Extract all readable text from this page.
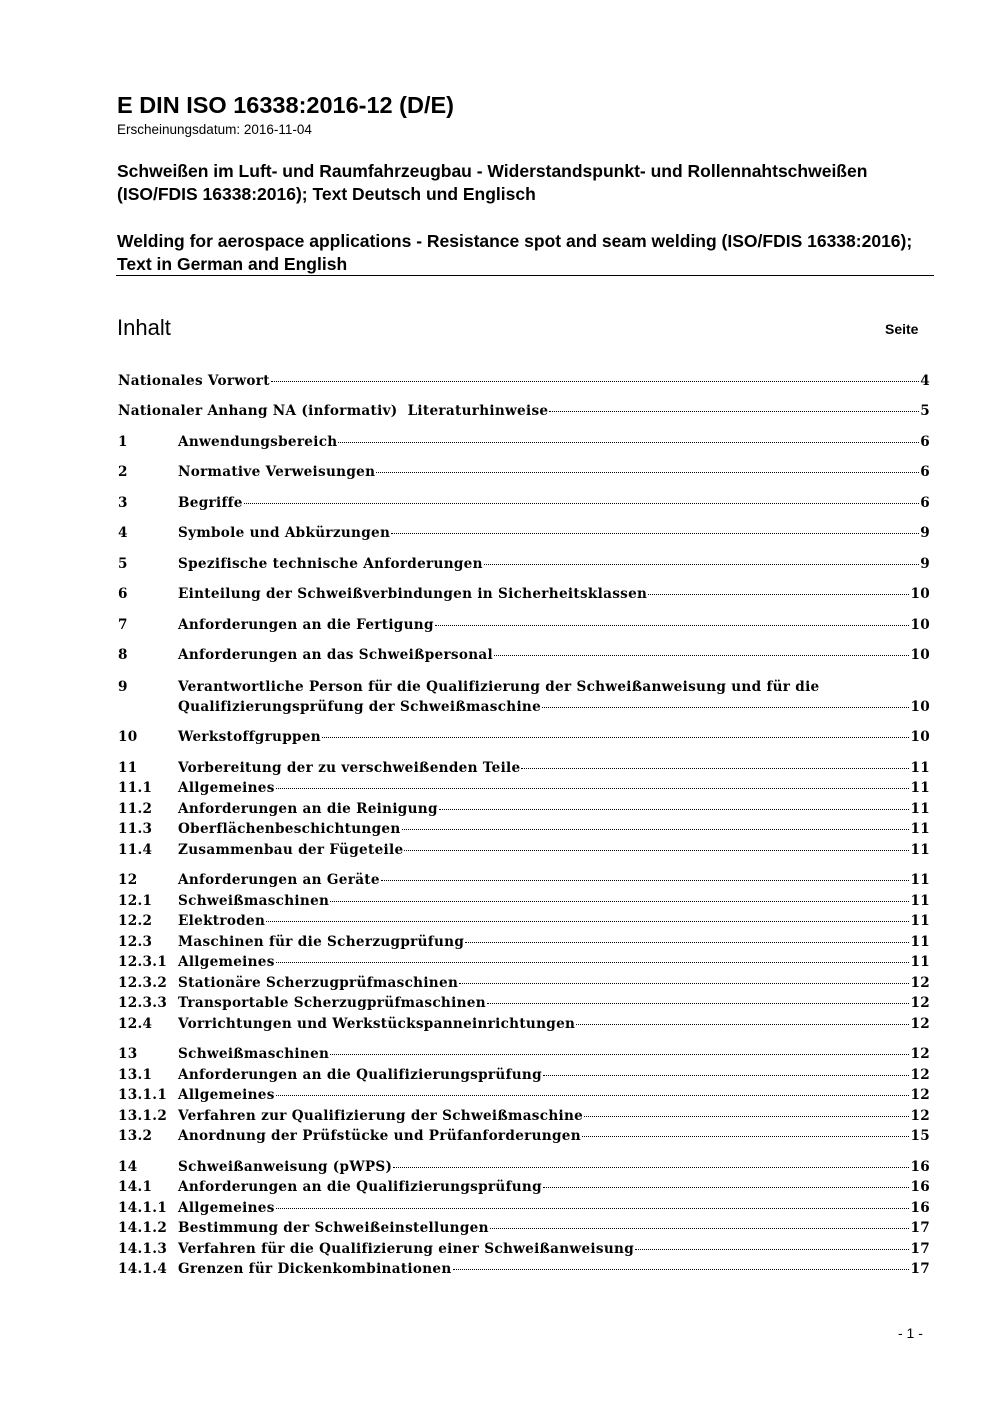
E DIN ISO 16338:2016-12 (D/E)
Erscheinungsdatum: 2016-11-04
Schweißen im Luft- und Raumfahrzeugbau - Widerstandspunkt- und Rollennahtschweißen (ISO/FDIS 16338:2016); Text Deutsch und Englisch
Welding for aerospace applications - Resistance spot and seam welding (ISO/FDIS 16338:2016); Text in German and English
Inhalt	Seite
Nationales Vorwort	4
Nationaler Anhang NA (informativ)  Literaturhinweise	5
1	Anwendungsbereich	6
2	Normative Verweisungen	6
3	Begriffe	6
4	Symbole und Abkürzungen	9
5	Spezifische technische Anforderungen	9
6	Einteilung der Schweißverbindungen in Sicherheitsklassen	10
7	Anforderungen an die Fertigung	10
8	Anforderungen an das Schweißpersonal	10
9	Verantwortliche Person für die Qualifizierung der Schweißanweisung und für die
Qualifizierungsprüfung der Schweißmaschine	10
10	Werkstoffgruppen	10
11	Vorbereitung der zu verschweißenden Teile	11
11.1	Allgemeines	11
11.2	Anforderungen an die Reinigung	11
11.3	Oberflächenbeschichtungen	11
11.4	Zusammenbau der Fügeteile	11
12	Anforderungen an Geräte	11
12.1	Schweißmaschinen	11
12.2	Elektroden	11
12.3	Maschinen für die Scherzugprüfung	11
12.3.1 Allgemeines	11
12.3.2 Stationäre Scherzugprüfmaschinen	12
12.3.3 Transportable Scherzugprüfmaschinen	12
12.4	Vorrichtungen und Werkstückspanneinrichtungen	12
13	Schweißmaschinen	12
13.1	Anforderungen an die Qualifizierungsprüfung	12
13.1.1 Allgemeines	12
13.1.2 Verfahren zur Qualifizierung der Schweißmaschine	12
13.2	Anordnung der Prüfstücke und Prüfanforderungen	15
14	Schweißanweisung (pWPS)	16
14.1	Anforderungen an die Qualifizierungsprüfung	16
14.1.1 Allgemeines	16
14.1.2 Bestimmung der Schweißeinstellungen	17
14.1.3 Verfahren für die Qualifizierung einer Schweißanweisung	17
14.1.4 Grenzen für Dickenkombinationen	17
- 1 -
